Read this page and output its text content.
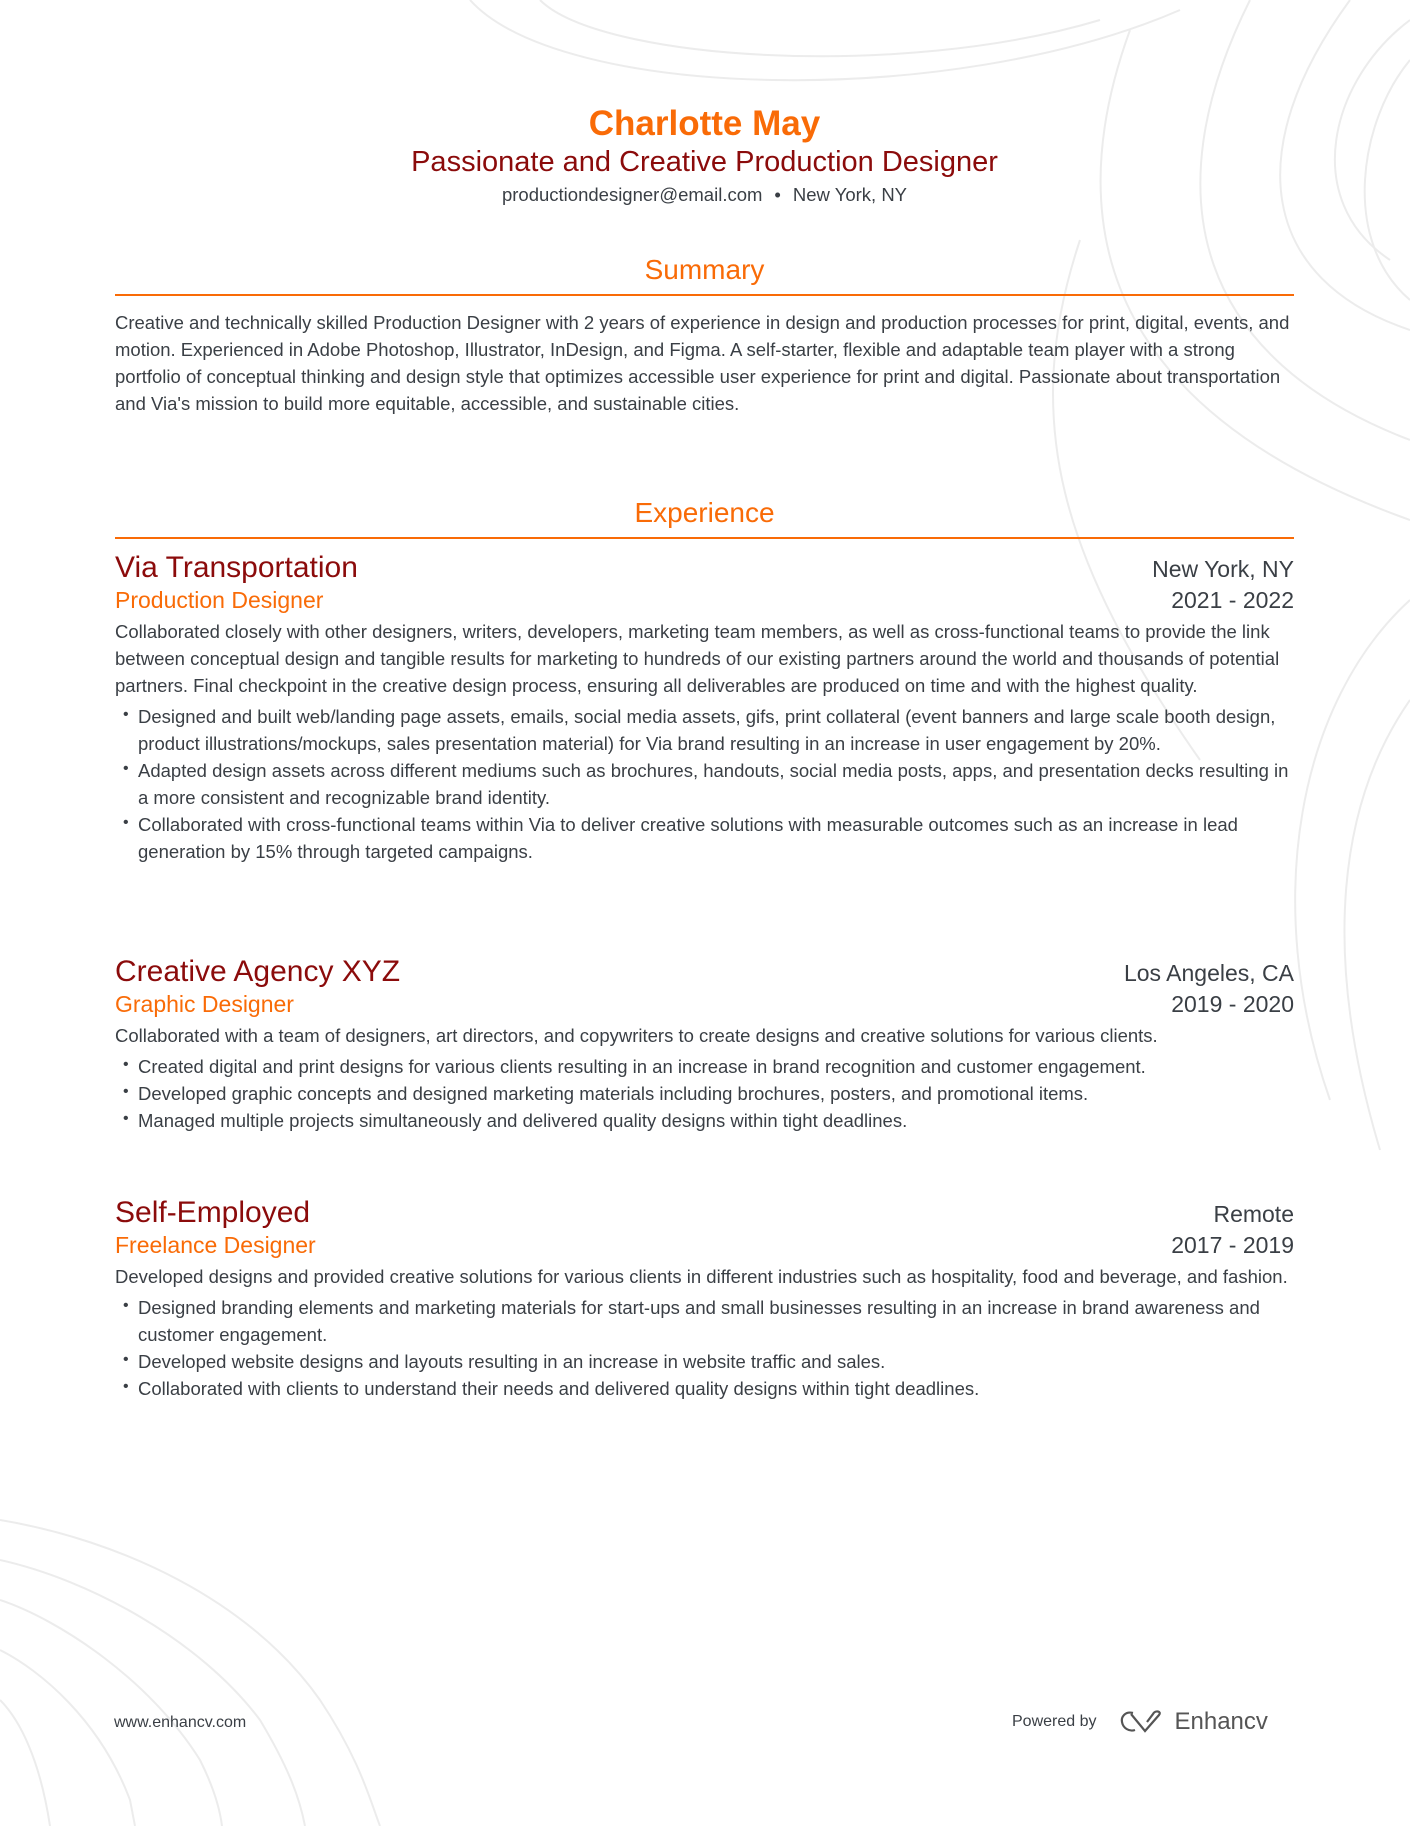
Charlotte May
Passionate and Creative Production Designer
productiondesigner@email.com • New York, NY
Summary
Creative and technically skilled Production Designer with 2 years of experience in design and production processes for print, digital, events, and motion. Experienced in Adobe Photoshop, Illustrator, InDesign, and Figma. A self-starter, flexible and adaptable team player with a strong portfolio of conceptual thinking and design style that optimizes accessible user experience for print and digital. Passionate about transportation and Via's mission to build more equitable, accessible, and sustainable cities.
Experience
Via Transportation	New York, NY
Production Designer	2021 - 2022
Collaborated closely with other designers, writers, developers, marketing team members, as well as cross-functional teams to provide the link between conceptual design and tangible results for marketing to hundreds of our existing partners around the world and thousands of potential partners. Final checkpoint in the creative design process, ensuring all deliverables are produced on time and with the highest quality.
• Designed and built web/landing page assets, emails, social media assets, gifs, print collateral (event banners and large scale booth design, product illustrations/mockups, sales presentation material) for Via brand resulting in an increase in user engagement by 20%.
• Adapted design assets across different mediums such as brochures, handouts, social media posts, apps, and presentation decks resulting in a more consistent and recognizable brand identity.
• Collaborated with cross-functional teams within Via to deliver creative solutions with measurable outcomes such as an increase in lead generation by 15% through targeted campaigns.
Creative Agency XYZ	Los Angeles, CA
Graphic Designer	2019 - 2020
Collaborated with a team of designers, art directors, and copywriters to create designs and creative solutions for various clients.
• Created digital and print designs for various clients resulting in an increase in brand recognition and customer engagement.
• Developed graphic concepts and designed marketing materials including brochures, posters, and promotional items.
• Managed multiple projects simultaneously and delivered quality designs within tight deadlines.
Self-Employed	Remote
Freelance Designer	2017 - 2019
Developed designs and provided creative solutions for various clients in different industries such as hospitality, food and beverage, and fashion.
• Designed branding elements and marketing materials for start-ups and small businesses resulting in an increase in brand awareness and customer engagement.
• Developed website designs and layouts resulting in an increase in website traffic and sales.
• Collaborated with clients to understand their needs and delivered quality designs within tight deadlines.
www.enhancv.com	Powered by	Enhancv
